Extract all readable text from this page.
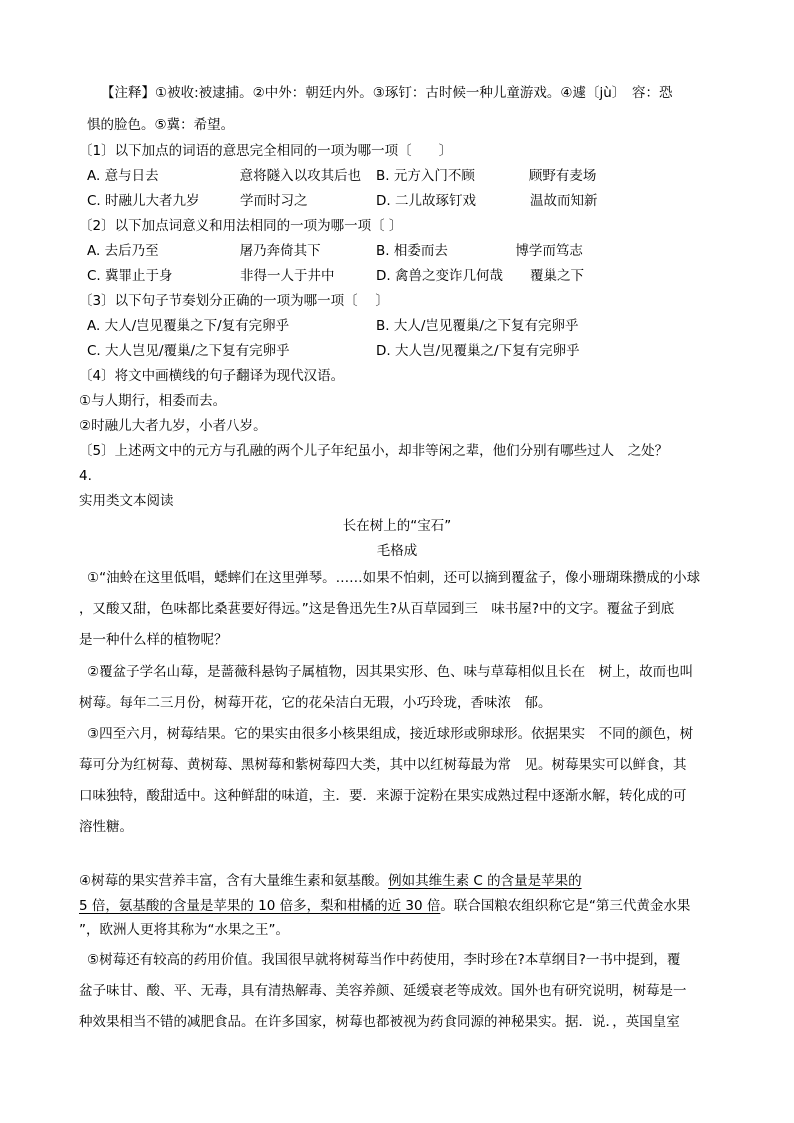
【注释】①被收:被逮捕。②中外：朝廷内外。③琢钉：古时候一种儿童游戏。④遽〔jù〕　容：恐
惧的脸色。⑤冀：希望。
〔1〕以下加点的词语的意思完全相同的一项为哪一项〔　　〕
A. 意与日去　　　　　　意将隧入以攻其后也 B. 元方入门不顾　　　　顾野有麦场
C. 时融儿大者九岁　　　学而时习之	D. 二儿故琢钉戏　　　　温故而知新
〔2〕以下加点词意义和用法相同的一项为哪一项〔 〕
A. 去后乃至　　　　　　屠乃奔倚其下	B. 相委而去　　　　　博学而笃志
C. 冀罪止于身　　　　　非得一人于井中	D. 禽兽之变诈几何哉　　覆巢之下
〔3〕以下句子节奏划分正确的一项为哪一项〔　 〕
A. 大人/岂见覆巢之下/复有完卵乎	B. 大人/岂见覆巢/之下复有完卵乎
C. 大人岂见/覆巢/之下复有完卵乎	D. 大人岂/见覆巢之/下复有完卵乎
〔4〕将文中画横线的句子翻译为现代汉语。
①与人期行，相委而去。
②时融儿大者九岁，小者八岁。
〔5〕上述两文中的元方与孔融的两个儿子年纪虽小，却非等闲之辈，他们分别有哪些过人　之处？
4.
实用类文本阅读
长在树上的“宝石”
毛格成
①“油蛉在这里低唱，蟋蟀们在这里弹琴。……如果不怕刺，还可以摘到覆盆子，像小珊瑚珠攒成的小球
，又酸又甜，色味都比桑葚要好得远。”这是鲁迅先生?从百草园到三　味书屋?中的文字。覆盆子到底
是一种什么样的植物呢？
②覆盆子学名山莓，是蔷薇科悬钩子属植物，因其果实形、色、味与草莓相似且长在　树上，故而也叫
树莓。每年二三月份，树莓开花，它的花朵洁白无瑕，小巧玲珑，香味浓　郁。
③四至六月，树莓结果。它的果实由很多小核果组成，接近球形或卵球形。依据果实　不同的颜色，树
莓可分为红树莓、黄树莓、黑树莓和紫树莓四大类，其中以红树莓最为常　见。树莓果实可以鲜食，其
口味独特，酸甜适中。这种鲜甜的味道，主．要．来源于淀粉在果实成熟过程中逐渐水解，转化成的可
溶性糖。
④树莓的果实营养丰富，含有大量维生素和氨基酸。例如其维生素 C 的含量是苹果的
5 倍，氨基酸的含量是苹果的 10 倍多，梨和柑橘的近 30 倍。联合国粮农组织称它是“第三代黄金水果
”，欧洲人更将其称为“水果之王”。
⑤树莓还有较高的药用价值。我国很早就将树莓当作中药使用，李时珍在?本草纲目?一书中提到，覆
盆子味甘、酸、平、无毒，具有清热解毒、美容养颜、延缓衰老等成效。国外也有研究说明，树莓是一
种效果相当不错的减肥食品。在许多国家，树莓也都被视为药食同源的神秘果实。据．说．，英国皇室
